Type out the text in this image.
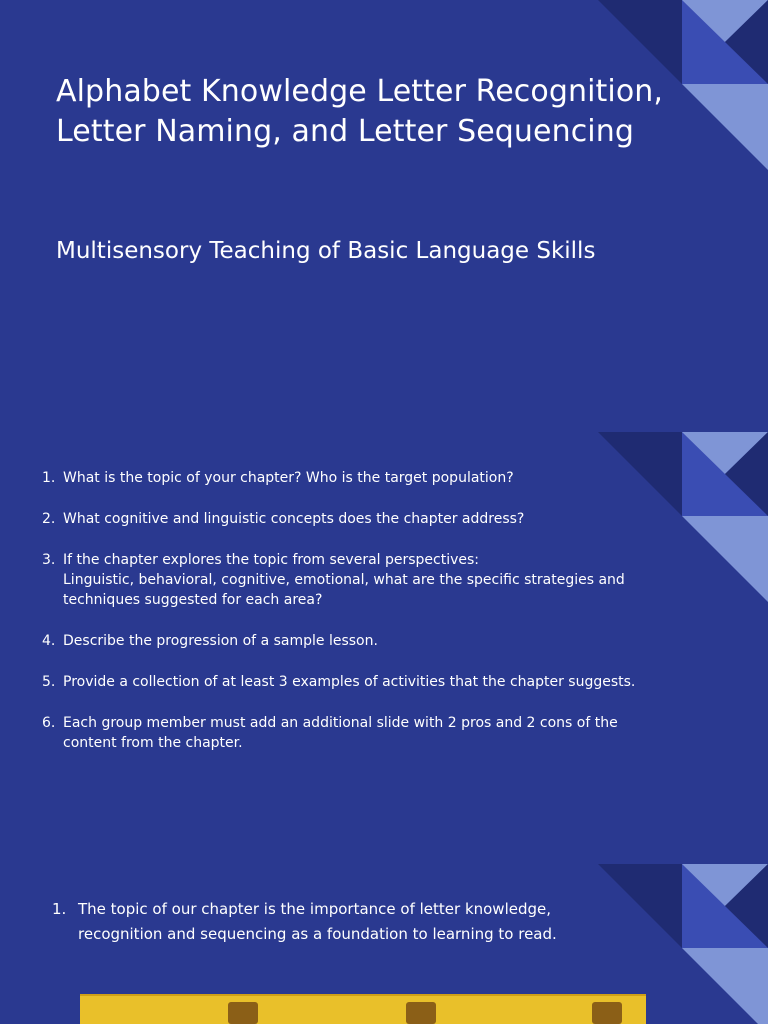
Alphabet Knowledge Letter Recognition,
Letter Naming, and Letter Sequencing

Multisensory Teaching of Basic Language Skills

1. What is the topic of your chapter? Who is the target population?
2. What cognitive and linguistic concepts does the chapter address?
3. If the chapter explores the topic from several perspectives:
Linguistic, behavioral, cognitive, emotional, what are the specific strategies and
techniques suggested for each area?
4. Describe the progression of a sample lesson.
5. Provide a collection of at least 3 examples of activities that the chapter suggests.
6. Each group member must add an additional slide with 2 pros and 2 cons of the
content from the chapter.
1. The topic of our chapter is the importance of letter knowledge,
recognition and sequencing as a foundation to learning to read.
